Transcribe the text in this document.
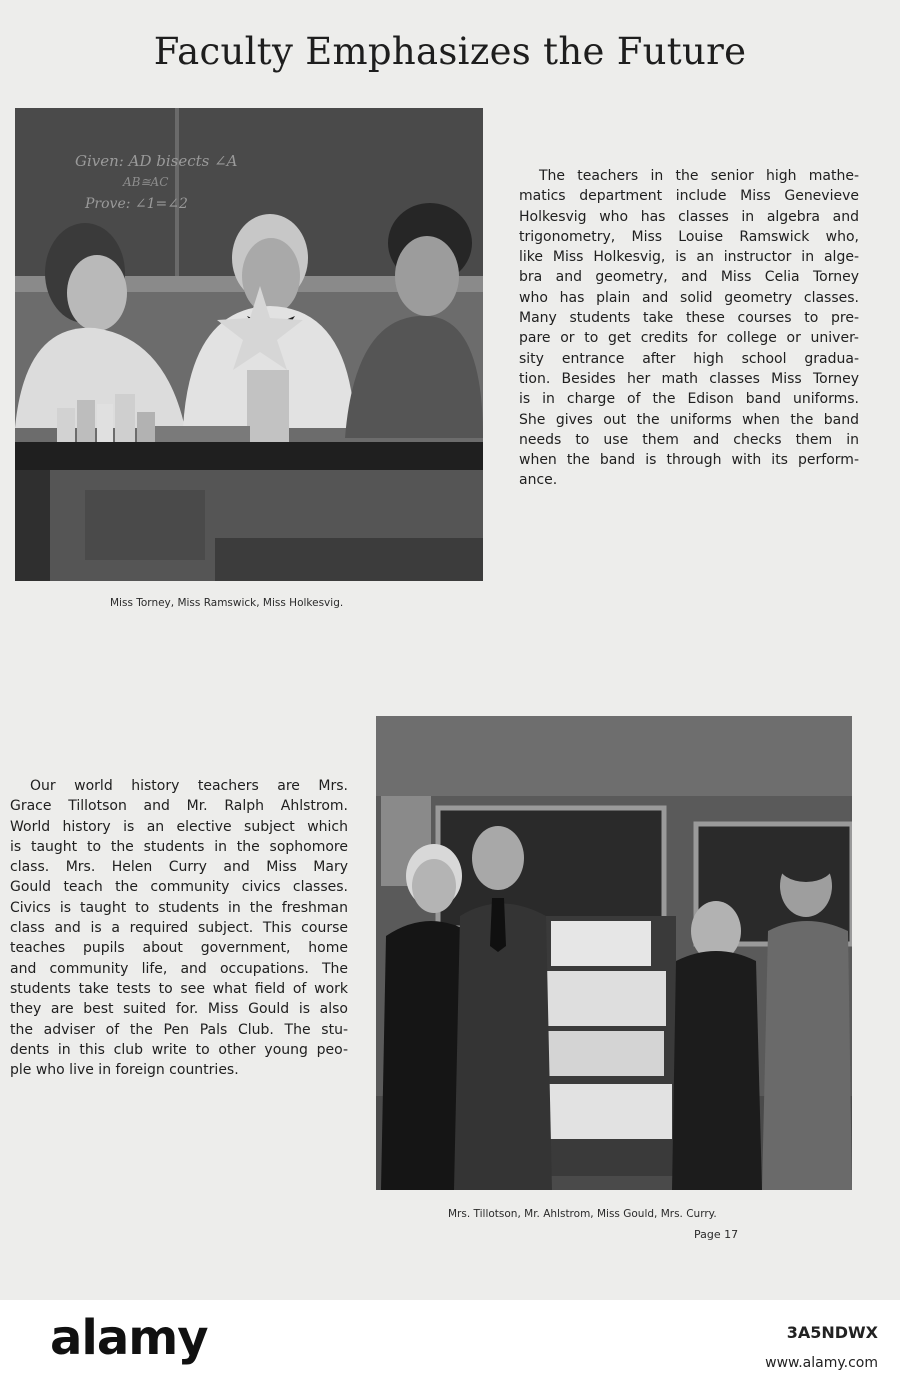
Faculty Emphasizes the Future
Given: AD bisects ∠A
AB≅AC
Prove: ∠1=∠2
Miss Torney, Miss Ramswick, Miss Holkesvig.

The teachers in the senior high mathe-
matics department include Miss Genevieve
Holkesvig who has classes in algebra and
trigonometry, Miss Louise Ramswick who,
like Miss Holkesvig, is an instructor in alge-
bra and geometry, and Miss Celia Torney
who has plain and solid geometry classes.
Many students take these courses to pre-
pare or to get credits for college or univer-
sity entrance after high school gradua-
tion. Besides her math classes Miss Torney
is in charge of the Edison band uniforms.
She gives out the uniforms when the band
needs to use them and checks them in
when the band is through with its perform-
ance.

Our world history teachers are Mrs.
Grace Tillotson and Mr. Ralph Ahlstrom.
World history is an elective subject which
is taught to the students in the sophomore
class. Mrs. Helen Curry and Miss Mary
Gould teach the community civics classes.
Civics is taught to students in the freshman
class and is a required subject. This course
teaches pupils about government, home
and community life, and occupations. The
students take tests to see what field of work
they are best suited for. Miss Gould is also
the adviser of the Pen Pals Club. The stu-
dents in this club write to other young peo-
ple who live in foreign countries.

Mrs. Tillotson, Mr. Ahlstrom, Miss Gould, Mrs. Curry.
Page 17
alamy	3A5NDWX
www.alamy.com
